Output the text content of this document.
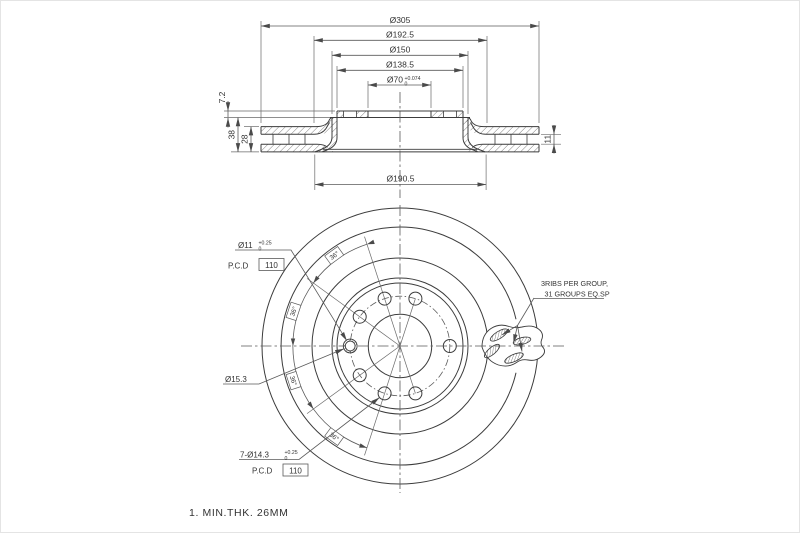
Ø305
Ø192.5
Ø150
Ø138.5
Ø70 +0.074
0
Ø190.5
7.2
38 28	11
36°
36°
36°
36°
Ø11 +0.25
0
P.C.D 110
Ø15.3
7-Ø14.3	+0.25
0
P.C.D 110
3RIBS PER GROUP,
31 GROUPS EQ.SP
1. MIN.THK. 26MM
